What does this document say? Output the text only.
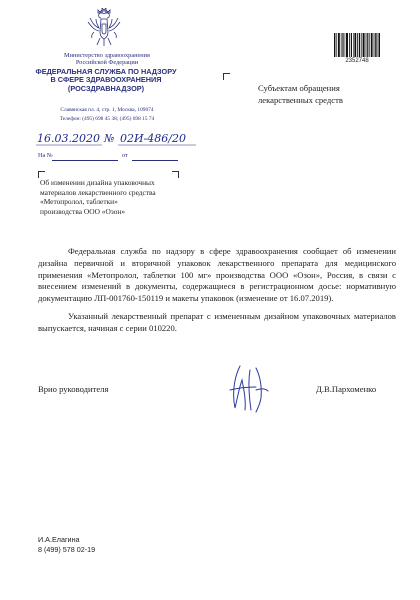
Министерство здравоохранения
Российской Федерации
ФЕДЕРАЛЬНАЯ СЛУЖБА ПО НАДЗОРУ
В СФЕРЕ ЗДРАВООХРАНЕНИЯ
(РОСЗДРАВНАДЗОР)
Славянская пл. 4, стр. 1, Москва, 109074
Телефон: (495) 698 45 38; (495) 698 15 74
16.03.2020 № 02И-486/20
На №	от
Об изменении дизайна упаковочных
материалов лекарственного средства
«Метопролол, таблетки»
производства ООО «Озон»
2352748
Субъектам обращения
лекарственных средств

Федеральная служба по надзору в сфере здравоохранения сообщает об изменении дизайна первичной и вторичной упаковок лекарственного препарата для медицинского применения «Метопролол, таблетки 100 мг» производства ООО «Озон», Россия, в связи с внесением изменений в документы, содержащиеся в регистрационном досье: нормативную документацию ЛП-001760-150119 и макеты упаковок (изменение от 16.07.2019).

Указанный лекарственный препарат с измененным дизайном упаковочных материалов выпускается, начиная с серии 010220.

Врио руководителя	Д.В.Пархоменко
И.А.Елагина
8 (499) 578 02-19
